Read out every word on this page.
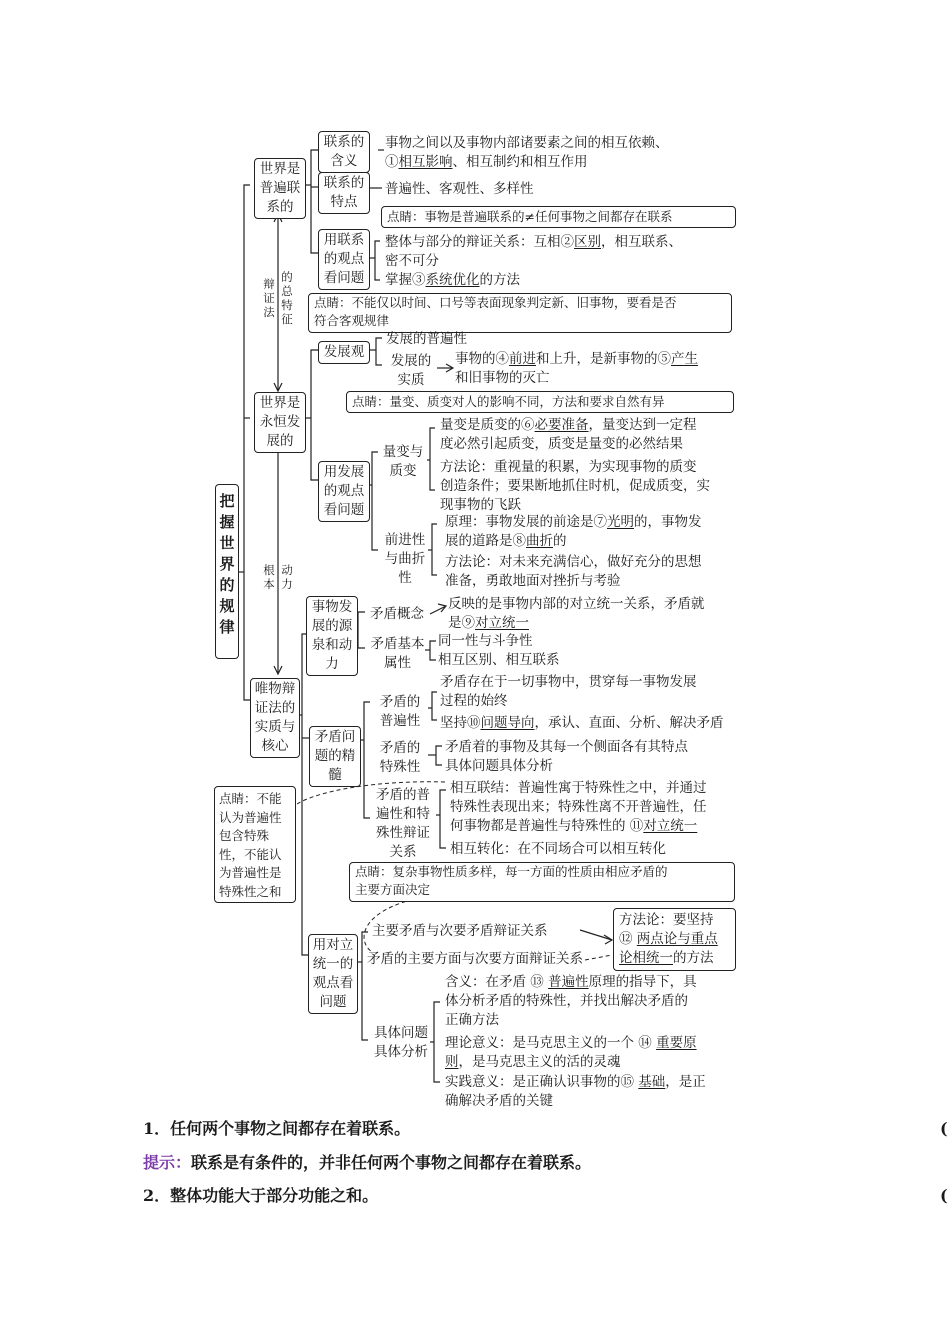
把握世界的规律
辩证法
的总特征
根本
动力
世界是普遍联系的
联系的含义
事物之间以及事物内部诸要素之间的相互依赖、
①相互影响、相互制约和相互作用
联系的特点
普遍性、客观性、多样性
点睛：事物是普遍联系的≠任何事物之间都存在联系
用联系的观点看问题
整体与部分的辩证关系：互相②区别，相互联系、
密不可分
掌握③系统优化的方法
点睛：不能仅以时间、口号等表面现象判定新、旧事物，要看是否
符合客观规律
世界是永恒发展的
发展观
发展的普遍性
发展的实质
事物的④前进和上升，是新事物的⑤产生
和旧事物的灭亡
点睛：量变、质变对人的影响不同，方法和要求自然有异
用发展的观点看问题
量变与质变
量变是质变的⑥必要准备，量变达到一定程
度必然引起质变，质变是量变的必然结果
方法论：重视量的积累，为实现事物的质变
创造条件；要果断地抓住时机，促成质变，实
现事物的飞跃
前进性与曲折性
原理：事物发展的前途是⑦光明的，事物发
展的道路是⑧曲折的
方法论：对未来充满信心，做好充分的思想
准备，勇敢地面对挫折与考验
唯物辩证法的实质与核心
事物发展的源泉和动力
矛盾概念
反映的是事物内部的对立统一关系，矛盾就
是⑨对立统一
矛盾基本属性
同一性与斗争性
相互区别、相互联系
矛盾问题的精髓
矛盾的普遍性
矛盾存在于一切事物中，贯穿每一事物发展
过程的始终
坚持⑩问题导向，承认、直面、分析、解决矛盾
矛盾的特殊性
矛盾着的事物及其每一个侧面各有其特点
具体问题具体分析
矛盾的普遍性和特殊性辩证关系
相互联结：普遍性寓于特殊性之中，并通过
特殊性表现出来；特殊性离不开普遍性，任
何事物都是普遍性与特殊性的 ⑪对立统一
相互转化：在不同场合可以相互转化
点睛：不能认为普遍性包含特殊性，不能认为普遍性是特殊性之和
点睛：复杂事物性质多样，每一方面的性质由相应矛盾的
主要方面决定
用对立统一的观点看问题
主要矛盾与次要矛盾辩证关系
矛盾的主要方面与次要方面辩证关系
方法论：要坚持
⑫ 两点论与重点
论相统一的方法
具体问题具体分析
含义：在矛盾 ⑬ 普遍性原理的指导下，具
体分析矛盾的特殊性，并找出解决矛盾的
正确方法
理论意义：是马克思主义的一个 ⑭ 重要原
则，是马克思主义的活的灵魂
实践意义：是正确认识事物的⑮ 基础，是正
确解决矛盾的关键
1．任何两个事物之间都存在着联系。	(
提示：联系是有条件的，并非任何两个事物之间都存在着联系。
2．整体功能大于部分功能之和。	(
